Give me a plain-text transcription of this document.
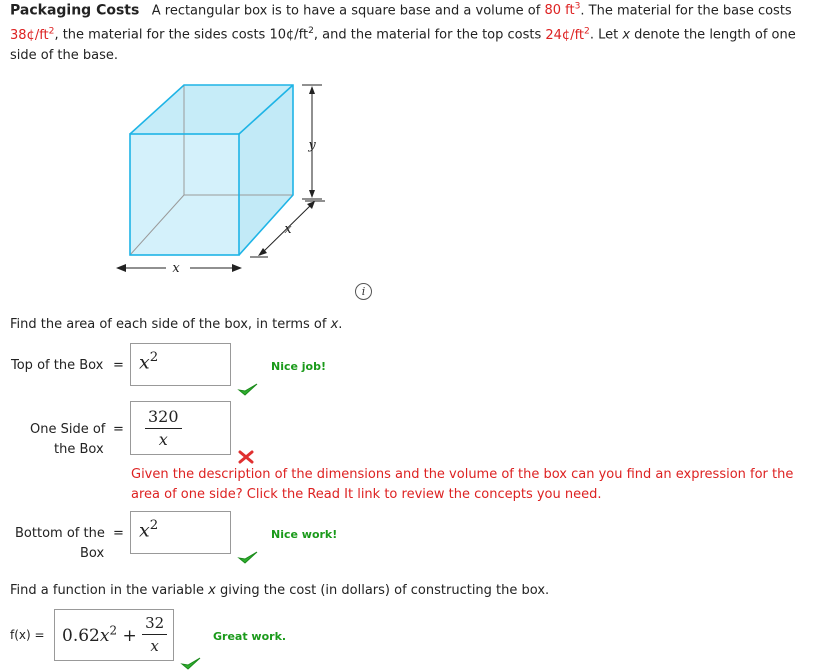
Packaging Costs A rectangular box is to have a square base and a volume of 80 $ft^3$. The material for the base costs
$38¢/ft^2$, the material for the sides costs $10¢/ft^2$, and the material for the top costs $24¢/ft^2$. Let x denote the length of one
side of the base.
y
x
x
i
Find the area of each side of the box, in terms of x.
Top of the Box = $x^2$
Nice job!
One Side of
the Box
= $\frac{320}{x}$
Given the description of the dimensions and the volume of the box can you find an expression for the
area of one side? Click the Read It link to review the concepts you need.
Bottom of the
Box
= $x^2$
Nice work!
Find a function in the variable x giving the cost (in dollars) of constructing the box.
$f(x) = 0.62x^2 + \frac{32}{x}$	Great work.
